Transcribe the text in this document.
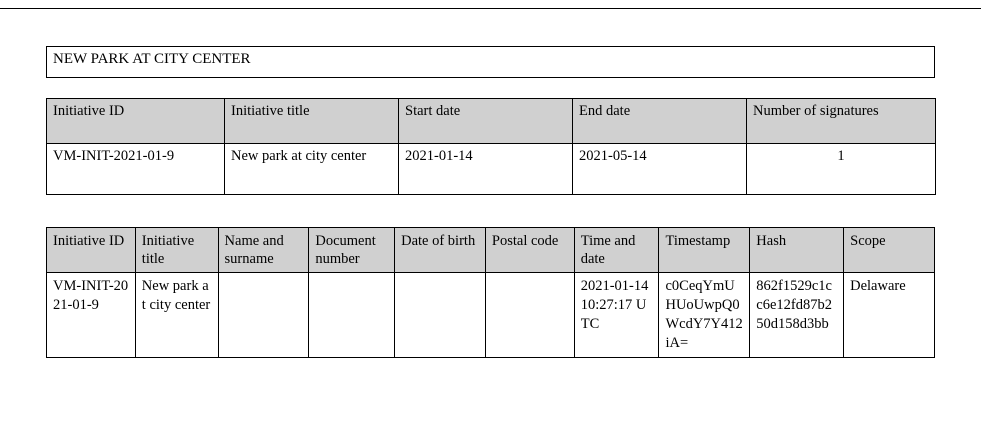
NEW PARK AT CITY CENTER
Initiative ID	Initiative title	Start date	End date	Number of signatures
VM-INIT-2021-01-9	New park at city center	2021-01-14	2021-05-14	1
Initiative ID	Initiative title	Name and surname	Document number	Date of birth	Postal code	Time and date	Timestamp	Hash	Scope
VM-INIT-2021-01-9	New park at city center					2021-01-14 10:27:17 UTC	c0CeqYmUHUoUwpQ0WcdY7Y412iA=	862f1529c1cc6e12fd87b250d158d3bb	Delaware
